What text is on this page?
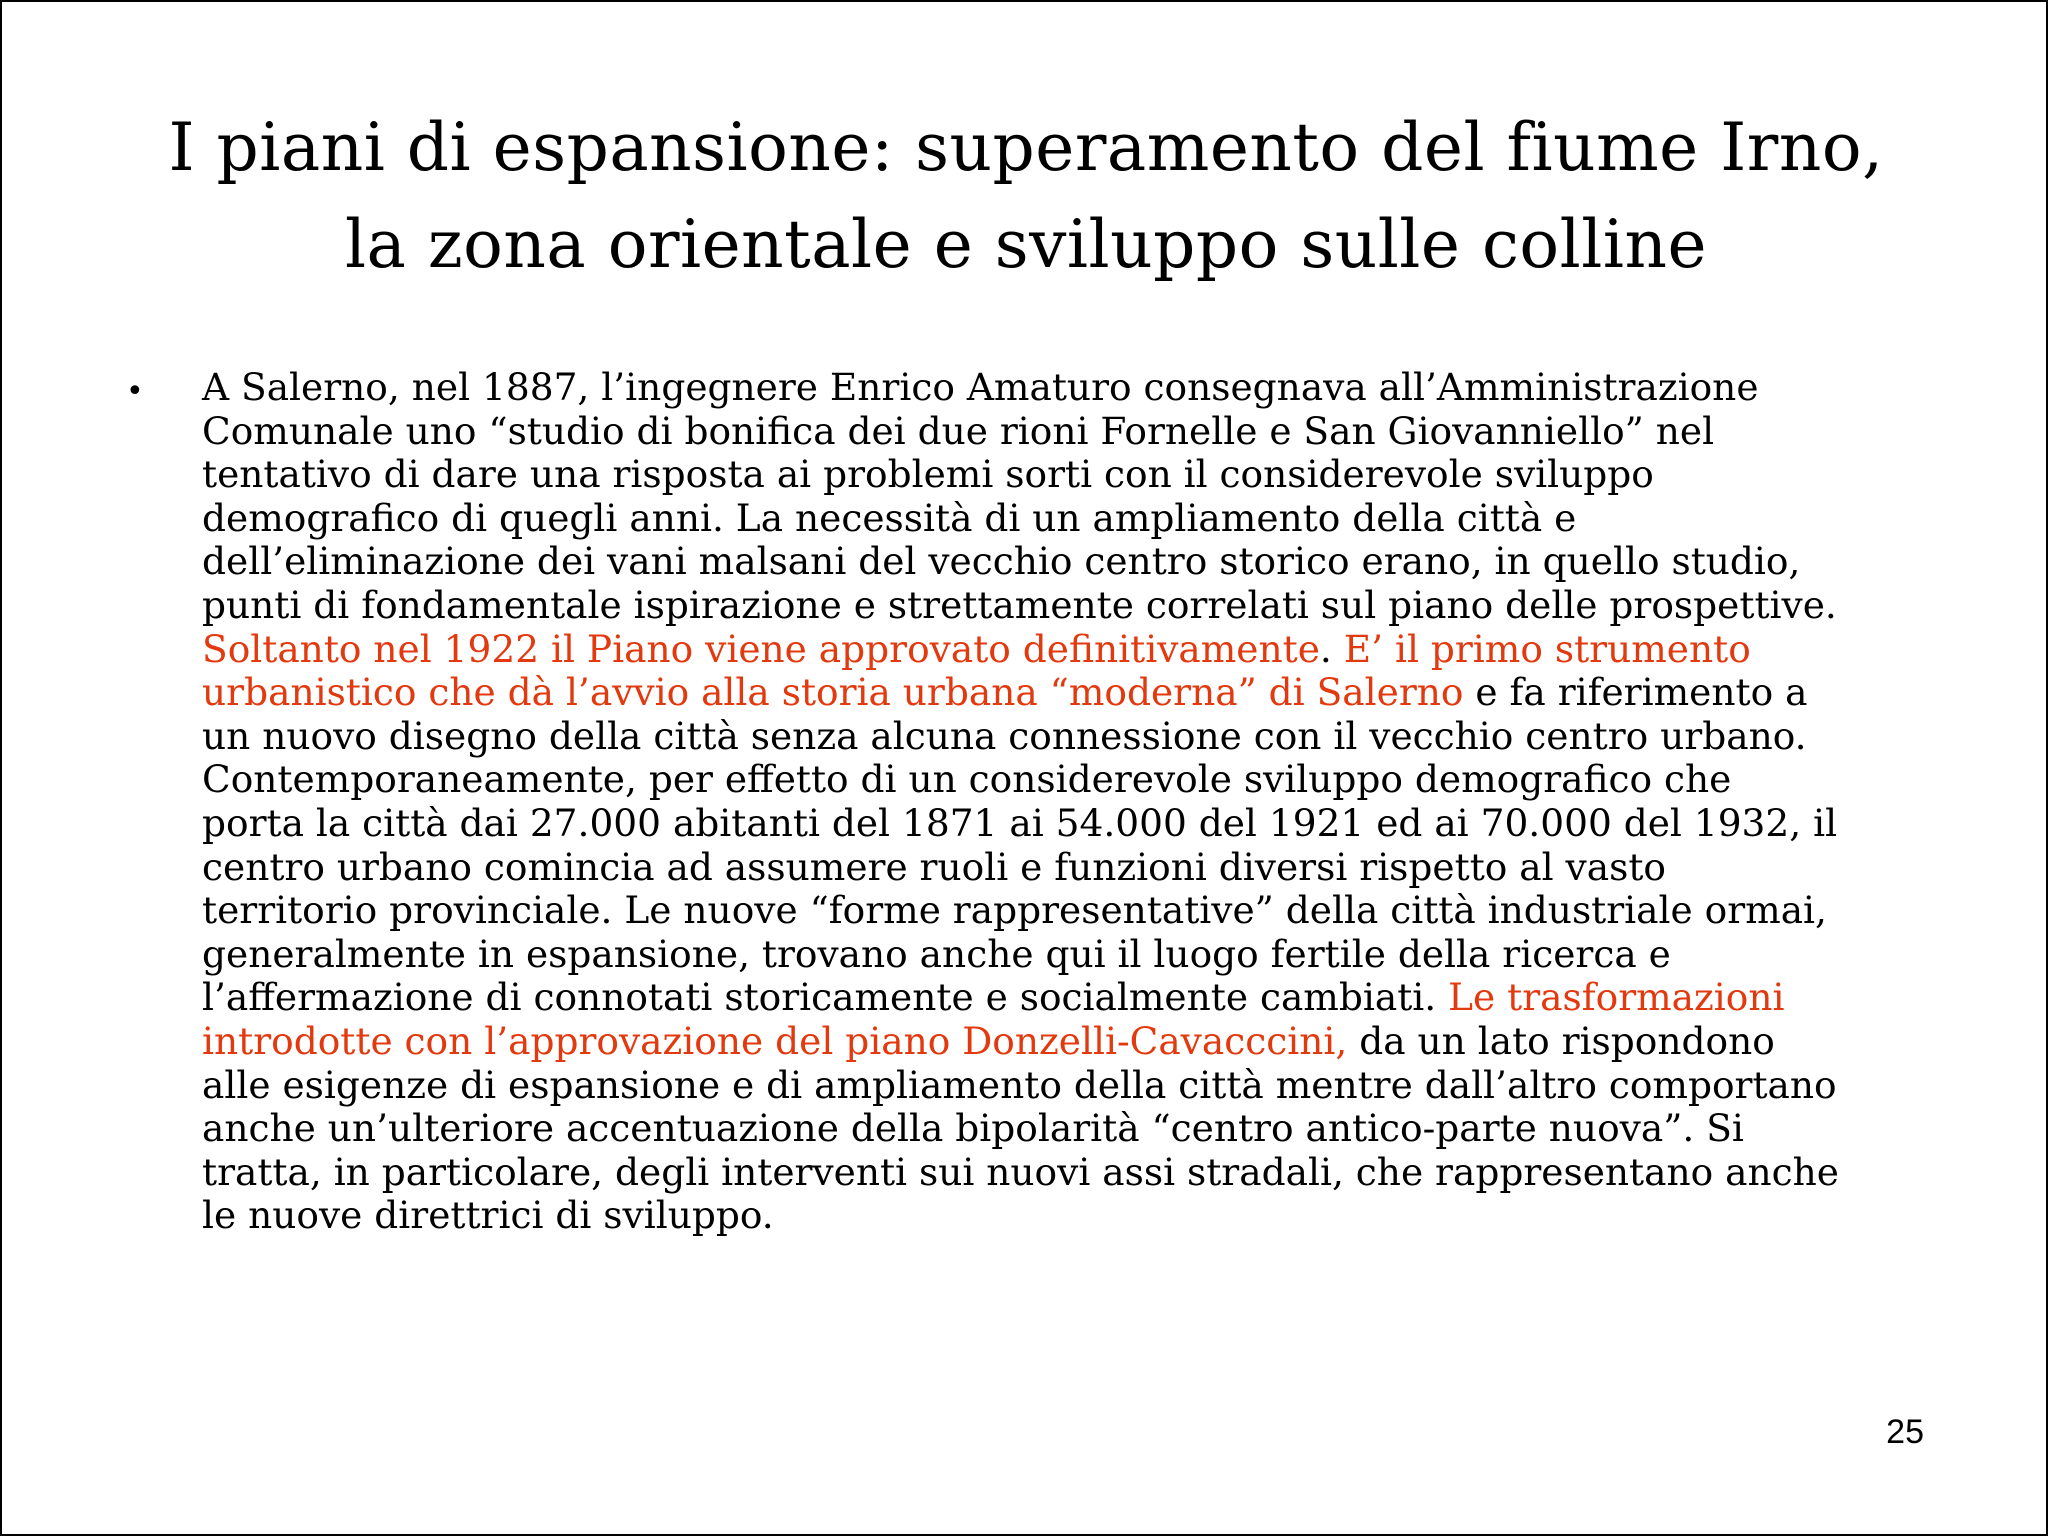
I piani di espansione: superamento del fiume Irno,
la zona orientale e sviluppo sulle colline
• A Salerno, nel 1887, l’ingegnere Enrico Amaturo consegnava all’Amministrazione
Comunale uno “studio di bonifica dei due rioni Fornelle e San Giovanniello” nel
tentativo di dare una risposta ai problemi sorti con il considerevole sviluppo
demografico di quegli anni. La necessità di un ampliamento della città e
dell’eliminazione dei vani malsani del vecchio centro storico erano, in quello studio,
punti di fondamentale ispirazione e strettamente correlati sul piano delle prospettive.
Soltanto nel 1922 il Piano viene approvato definitivamente. E’ il primo strumento
urbanistico che dà l’avvio alla storia urbana “moderna” di Salerno e fa riferimento a
un nuovo disegno della città senza alcuna connessione con il vecchio centro urbano.
Contemporaneamente, per effetto di un considerevole sviluppo demografico che
porta la città dai 27.000 abitanti del 1871 ai 54.000 del 1921 ed ai 70.000 del 1932, il
centro urbano comincia ad assumere ruoli e funzioni diversi rispetto al vasto
territorio provinciale. Le nuove “forme rappresentative” della città industriale ormai,
generalmente in espansione, trovano anche qui il luogo fertile della ricerca e
l’affermazione di connotati storicamente e socialmente cambiati. Le trasformazioni
introdotte con l’approvazione del piano Donzelli-Cavacccini, da un lato rispondono
alle esigenze di espansione e di ampliamento della città mentre dall’altro comportano
anche un’ulteriore accentuazione della bipolarità “centro antico-parte nuova”. Si
tratta, in particolare, degli interventi sui nuovi assi stradali, che rappresentano anche
le nuove direttrici di sviluppo.
25
